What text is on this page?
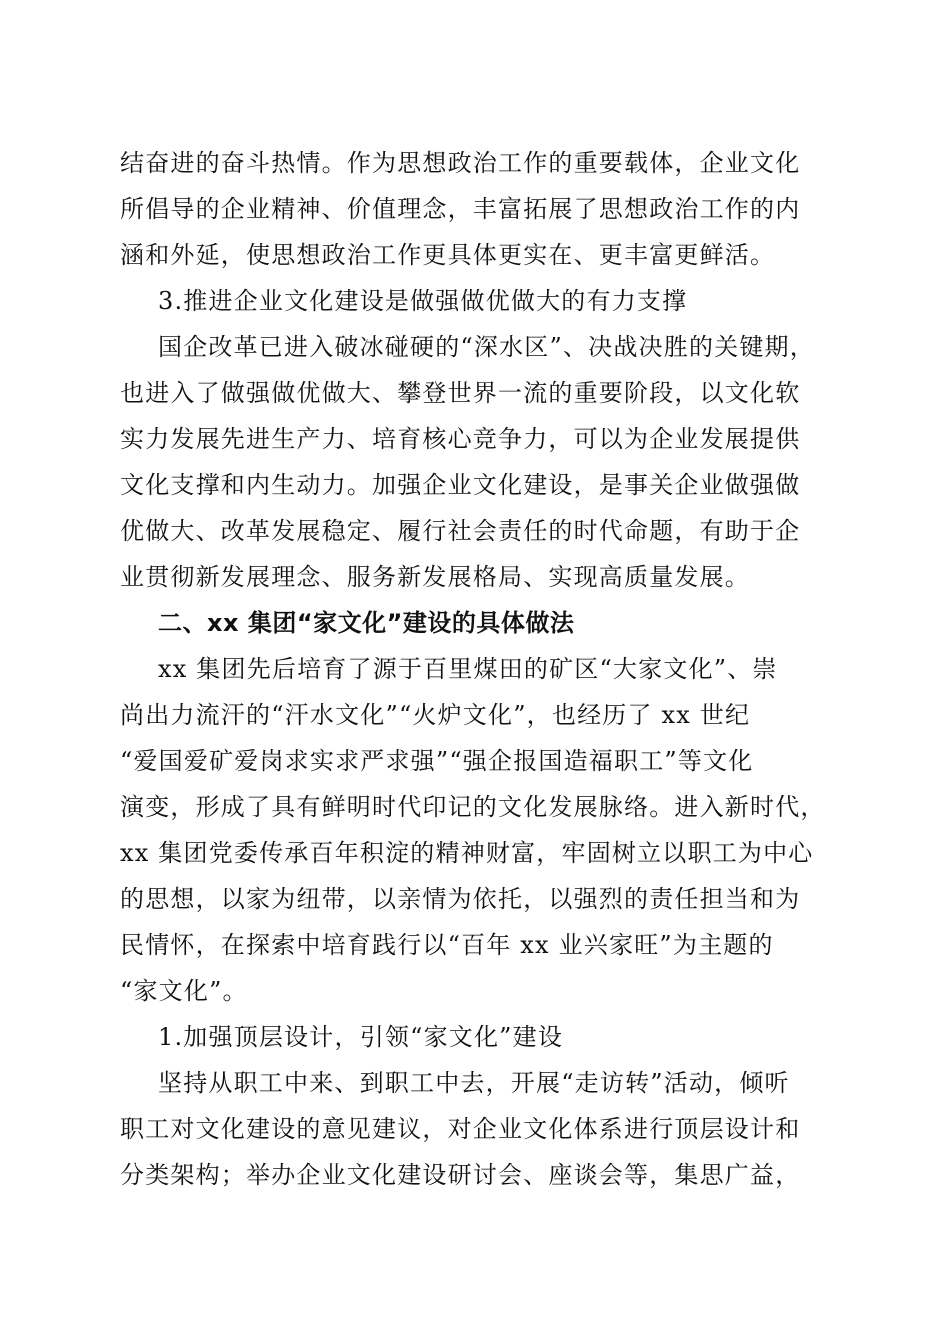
结奋进的奋斗热情。作为思想政治工作的重要载体，企业文化
所倡导的企业精神、价值理念，丰富拓展了思想政治工作的内
涵和外延，使思想政治工作更具体更实在、更丰富更鲜活。
3.推进企业文化建设是做强做优做大的有力支撑
国企改革已进入破冰碰硬的“深水区”、决战决胜的关键期，
也进入了做强做优做大、攀登世界一流的重要阶段，以文化软
实力发展先进生产力、培育核心竞争力，可以为企业发展提供
文化支撑和内生动力。加强企业文化建设，是事关企业做强做
优做大、改革发展稳定、履行社会责任的时代命题，有助于企
业贯彻新发展理念、服务新发展格局、实现高质量发展。
二、xx 集团“家文化”建设的具体做法
xx 集团先后培育了源于百里煤田的矿区“大家文化”、崇
尚出力流汗的“汗水文化”“火炉文化”，也经历了 xx 世纪
“爱国爱矿爱岗求实求严求强”“强企报国造福职工”等文化
演变，形成了具有鲜明时代印记的文化发展脉络。进入新时代，
xx 集团党委传承百年积淀的精神财富，牢固树立以职工为中心
的思想，以家为纽带，以亲情为依托，以强烈的责任担当和为
民情怀，在探索中培育践行以“百年 xx 业兴家旺”为主题的
“家文化”。
1.加强顶层设计，引领“家文化”建设
坚持从职工中来、到职工中去，开展“走访转”活动，倾听
职工对文化建设的意见建议，对企业文化体系进行顶层设计和
分类架构；举办企业文化建设研讨会、座谈会等，集思广益，
